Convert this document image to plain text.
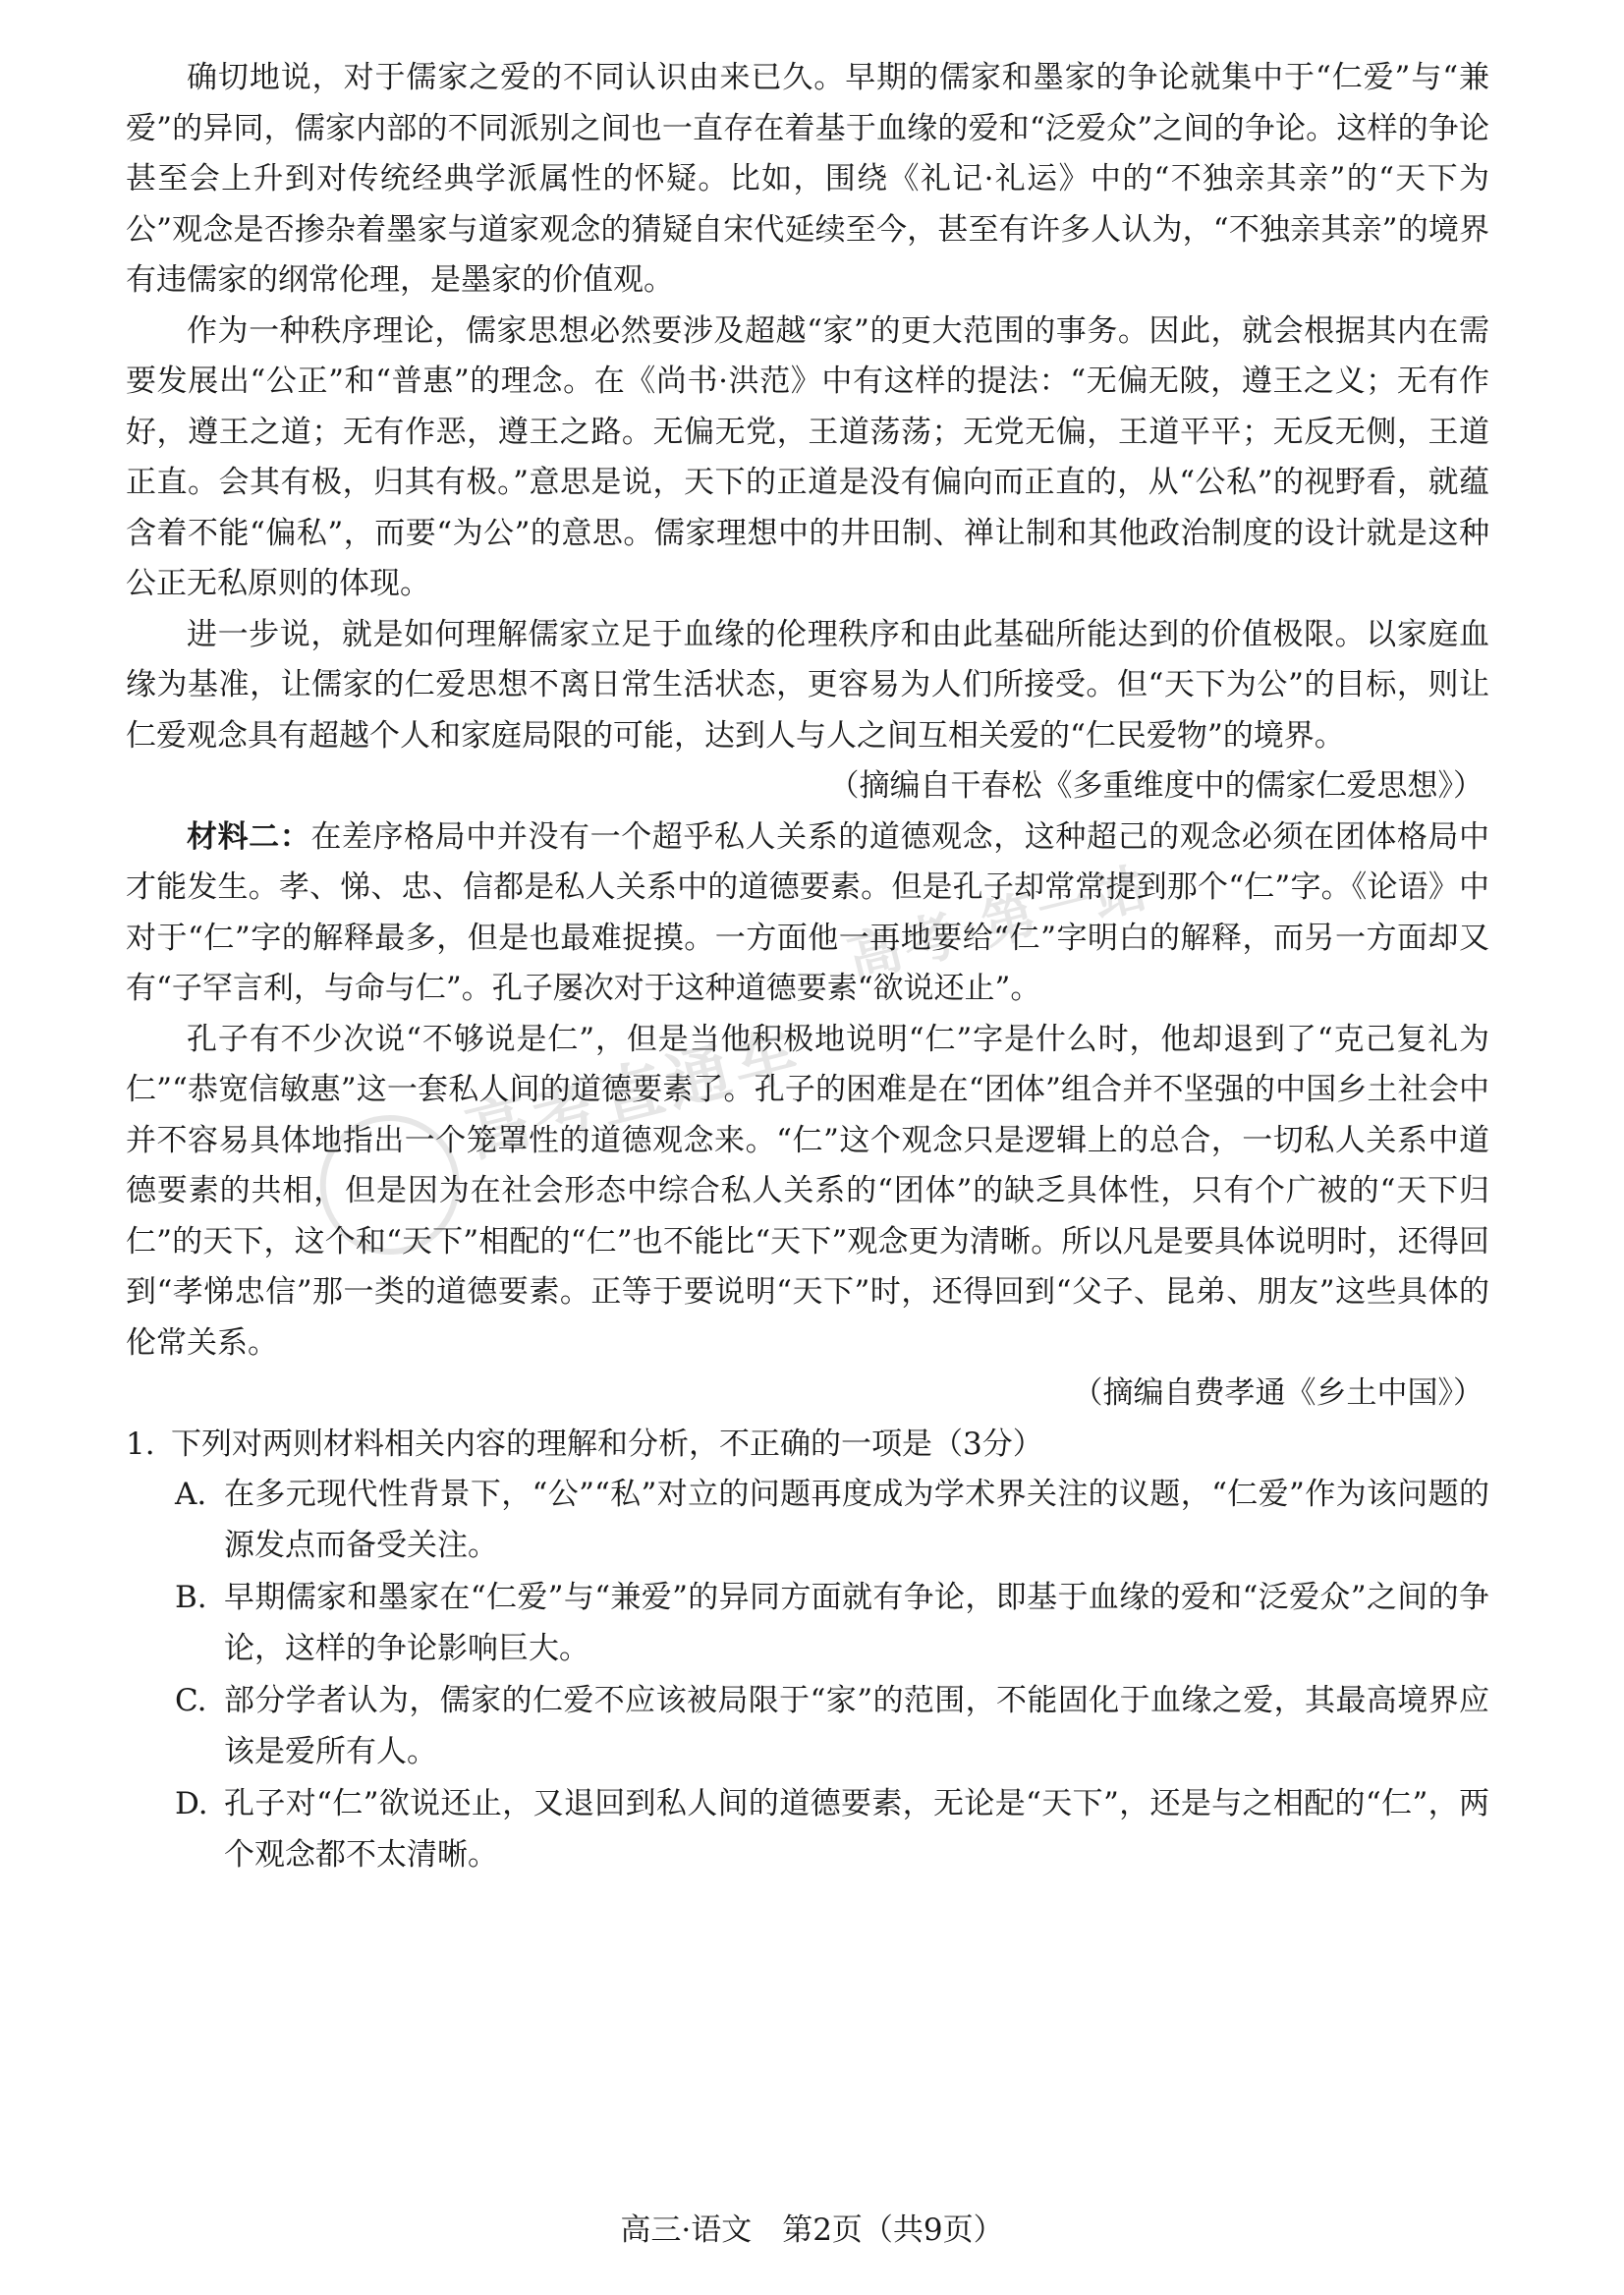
高考直通车
高考·第一站

确切地说，对于儒家之爱的不同认识由来已久。早期的儒家和墨家的争论就集中于“仁爱”与“兼爱”的异同，儒家内部的不同派别之间也一直存在着基于血缘的爱和“泛爱众”之间的争论。这样的争论甚至会上升到对传统经典学派属性的怀疑。比如，围绕《礼记·礼运》中的“不独亲其亲”的“天下为公”观念是否掺杂着墨家与道家观念的猜疑自宋代延续至今，甚至有许多人认为，“不独亲其亲”的境界有违儒家的纲常伦理，是墨家的价值观。

作为一种秩序理论，儒家思想必然要涉及超越“家”的更大范围的事务。因此，就会根据其内在需要发展出“公正”和“普惠”的理念。在《尚书·洪范》中有这样的提法：“无偏无陂，遵王之义；无有作好，遵王之道；无有作恶，遵王之路。无偏无党，王道荡荡；无党无偏，王道平平；无反无侧，王道正直。会其有极，归其有极。”意思是说，天下的正道是没有偏向而正直的，从“公私”的视野看，就蕴含着不能“偏私”，而要“为公”的意思。儒家理想中的井田制、禅让制和其他政治制度的设计就是这种公正无私原则的体现。

进一步说，就是如何理解儒家立足于血缘的伦理秩序和由此基础所能达到的价值极限。以家庭血缘为基准，让儒家的仁爱思想不离日常生活状态，更容易为人们所接受。但“天下为公”的目标，则让仁爱观念具有超越个人和家庭局限的可能，达到人与人之间互相关爱的“仁民爱物”的境界。

（摘编自干春松《多重维度中的儒家仁爱思想》）

材料二：在差序格局中并没有一个超乎私人关系的道德观念，这种超己的观念必须在团体格局中才能发生。孝、悌、忠、信都是私人关系中的道德要素。但是孔子却常常提到那个“仁”字。《论语》中对于“仁”字的解释最多，但是也最难捉摸。一方面他一再地要给“仁”字明白的解释，而另一方面却又有“子罕言利，与命与仁”。孔子屡次对于这种道德要素“欲说还止”。

孔子有不少次说“不够说是仁”，但是当他积极地说明“仁”字是什么时，他却退到了“克己复礼为仁”“恭宽信敏惠”这一套私人间的道德要素了。孔子的困难是在“团体”组合并不坚强的中国乡土社会中并不容易具体地指出一个笼罩性的道德观念来。“仁”这个观念只是逻辑上的总合，一切私人关系中道德要素的共相，但是因为在社会形态中综合私人关系的“团体”的缺乏具体性，只有个广被的“天下归仁”的天下，这个和“天下”相配的“仁”也不能比“天下”观念更为清晰。所以凡是要具体说明时，还得回到“孝悌忠信”那一类的道德要素。正等于要说明“天下”时，还得回到“父子、昆弟、朋友”这些具体的伦常关系。

（摘编自费孝通《乡土中国》）

1. 下列对两则材料相关内容的理解和分析，不正确的一项是（3分）

A. 在多元现代性背景下，“公”“私”对立的问题再度成为学术界关注的议题，“仁爱”作为该问题的源发点而备受关注。
B. 早期儒家和墨家在“仁爱”与“兼爱”的异同方面就有争论，即基于血缘的爱和“泛爱众”之间的争论，这样的争论影响巨大。
C. 部分学者认为，儒家的仁爱不应该被局限于“家”的范围，不能固化于血缘之爱，其最高境界应该是爱所有人。
D. 孔子对“仁”欲说还止，又退回到私人间的道德要素，无论是“天下”，还是与之相配的“仁”，两个观念都不太清晰。
高三·语文　第2页（共9页）
